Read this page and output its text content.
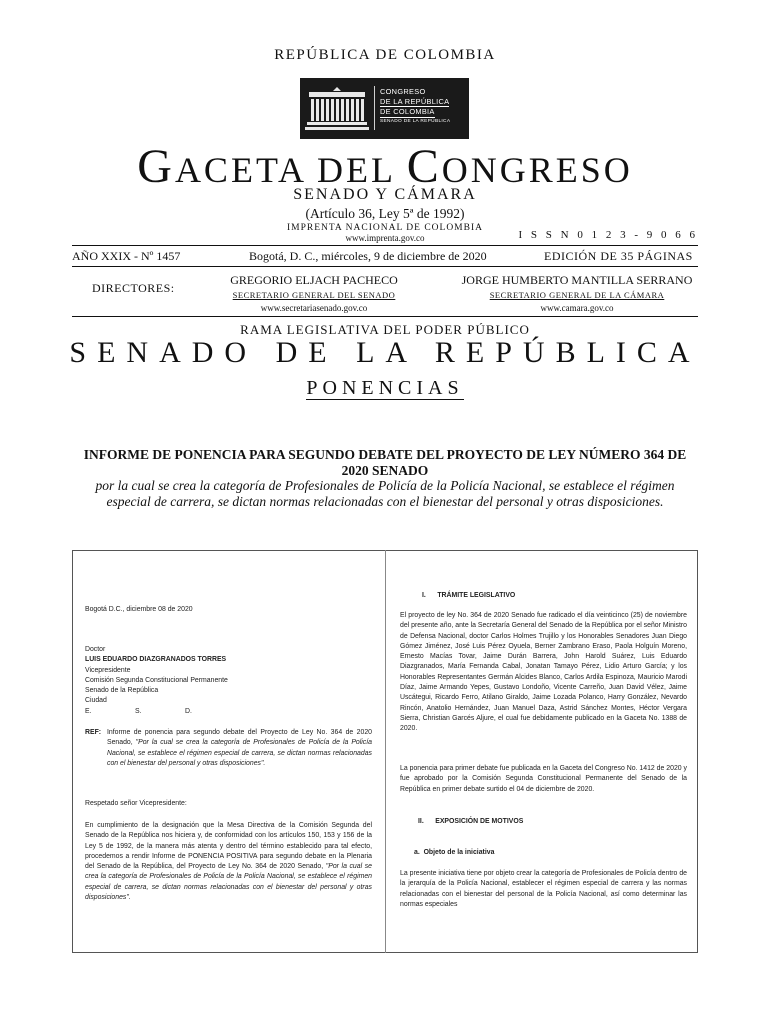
REPÚBLICA DE COLOMBIA
CONGRESO
DE LA REPÚBLICA
DE COLOMBIA
SENADO DE LA REPÚBLICA
GACETA DEL CONGRESO
SENADO Y CÁMARA
(Artículo 36, Ley 5ª de 1992)
IMPRENTA NACIONAL DE COLOMBIA
www.imprenta.gov.co	I S S N 0 1 2 3 - 9 0 6 6
AÑO XXIX - Nº 1457	Bogotá, D. C., miércoles, 9 de diciembre de 2020	EDICIÓN DE 35 PÁGINAS
DIRECTORES:
GREGORIO ELJACH PACHECO
SECRETARIO GENERAL DEL SENADO
www.secretariasenado.gov.co
JORGE HUMBERTO MANTILLA SERRANO
SECRETARIO GENERAL DE LA CÁMARA
www.camara.gov.co
RAMA LEGISLATIVA DEL PODER PÚBLICO
SENADO DE LA REPÚBLICA
PONENCIAS
INFORME DE PONENCIA PARA SEGUNDO DEBATE DEL PROYECTO DE LEY NÚMERO 364 DE 2020 SENADO
por la cual se crea la categoría de Profesionales de Policía de la Policía Nacional, se establece el régimen especial de carrera, se dictan normas relacionadas con el bienestar del personal y otras disposiciones.
Bogotá D.C., diciembre 08 de 2020
Doctor
LUIS EDUARDO DIAZGRANADOS TORRES
Vicepresidente
Comisión Segunda Constitucional Permanente
Senado de la República
Ciudad
E.	S.	D.
REF: Informe de ponencia para segundo debate del Proyecto de Ley No. 364 de 2020 Senado, "Por la cual se crea la categoría de Profesionales de Policía de la Policía Nacional, se establece el régimen especial de carrera, se dictan normas relacionadas con el bienestar del personal y otras disposiciones".
Respetado señor Vicepresidente:
En cumplimiento de la designación que la Mesa Directiva de la Comisión Segunda del Senado de la República nos hiciera y, de conformidad con los artículos 150, 153 y 156 de la Ley 5 de 1992, de la manera más atenta y dentro del término establecido para tal efecto, procedemos a rendir Informe de PONENCIA POSITIVA para segundo debate en la Plenaria del Senado de la República, del Proyecto de Ley No. 364 de 2020 Senado, "Por la cual se crea la categoría de Profesionales de Policía de la Policía Nacional, se establece el régimen especial de carrera, se dictan normas relacionadas con el bienestar del personal y otras disposiciones".
I.      TRÁMITE LEGISLATIVO
El proyecto de ley No. 364 de 2020 Senado fue radicado el día veinticinco (25) de noviembre del presente año, ante la Secretaría General del Senado de la República por el señor Ministro de Defensa Nacional, doctor Carlos Holmes Trujillo y los Honorables Senadores Juan Diego Gómez Jiménez, José Luis Pérez Oyuela, Berner Zambrano Eraso, Paola Holguín Moreno, Ernesto Macías Tovar, Jaime Durán Barrera, John Harold Suárez, Luis Eduardo Diazgranados, María Fernanda Cabal, Jonatan Tamayo Pérez, Lidio Arturo García; y los Honorables Representantes Germán Alcides Blanco, Carlos Ardila Espinoza, Mauricio Marodi Díaz, Jaime Armando Yepes, Gustavo Londoño, Vicente Carreño, Juan David Vélez, Jaime Uscátegui, Ricardo Ferro, Atilano Giraldo, Jaime Lozada Polanco, Harry González, Nevardo Rincón, Anatolio Hernández, Juan Manuel Daza, Astrid Sánchez Montes, Héctor Vergara Sierra, Christian Garcés Aljure, el cual fue debidamente publicado en la Gaceta No. 1388 de 2020.
La ponencia para primer debate fue publicada en la Gaceta del Congreso No. 1412 de 2020 y fue aprobado por la Comisión Segunda Constitucional Permanente del Senado de la República en primer debate surtido el 04 de diciembre de 2020.
II.      EXPOSICIÓN DE MOTIVOS
a.  Objeto de la iniciativa
La presente iniciativa tiene por objeto crear la categoría de Profesionales de Policía dentro de la jerarquía de la Policía Nacional, establecer el régimen especial de carrera y las normas relacionadas con el bienestar del personal de la Policía Nacional, así como determinar las normas especiales
